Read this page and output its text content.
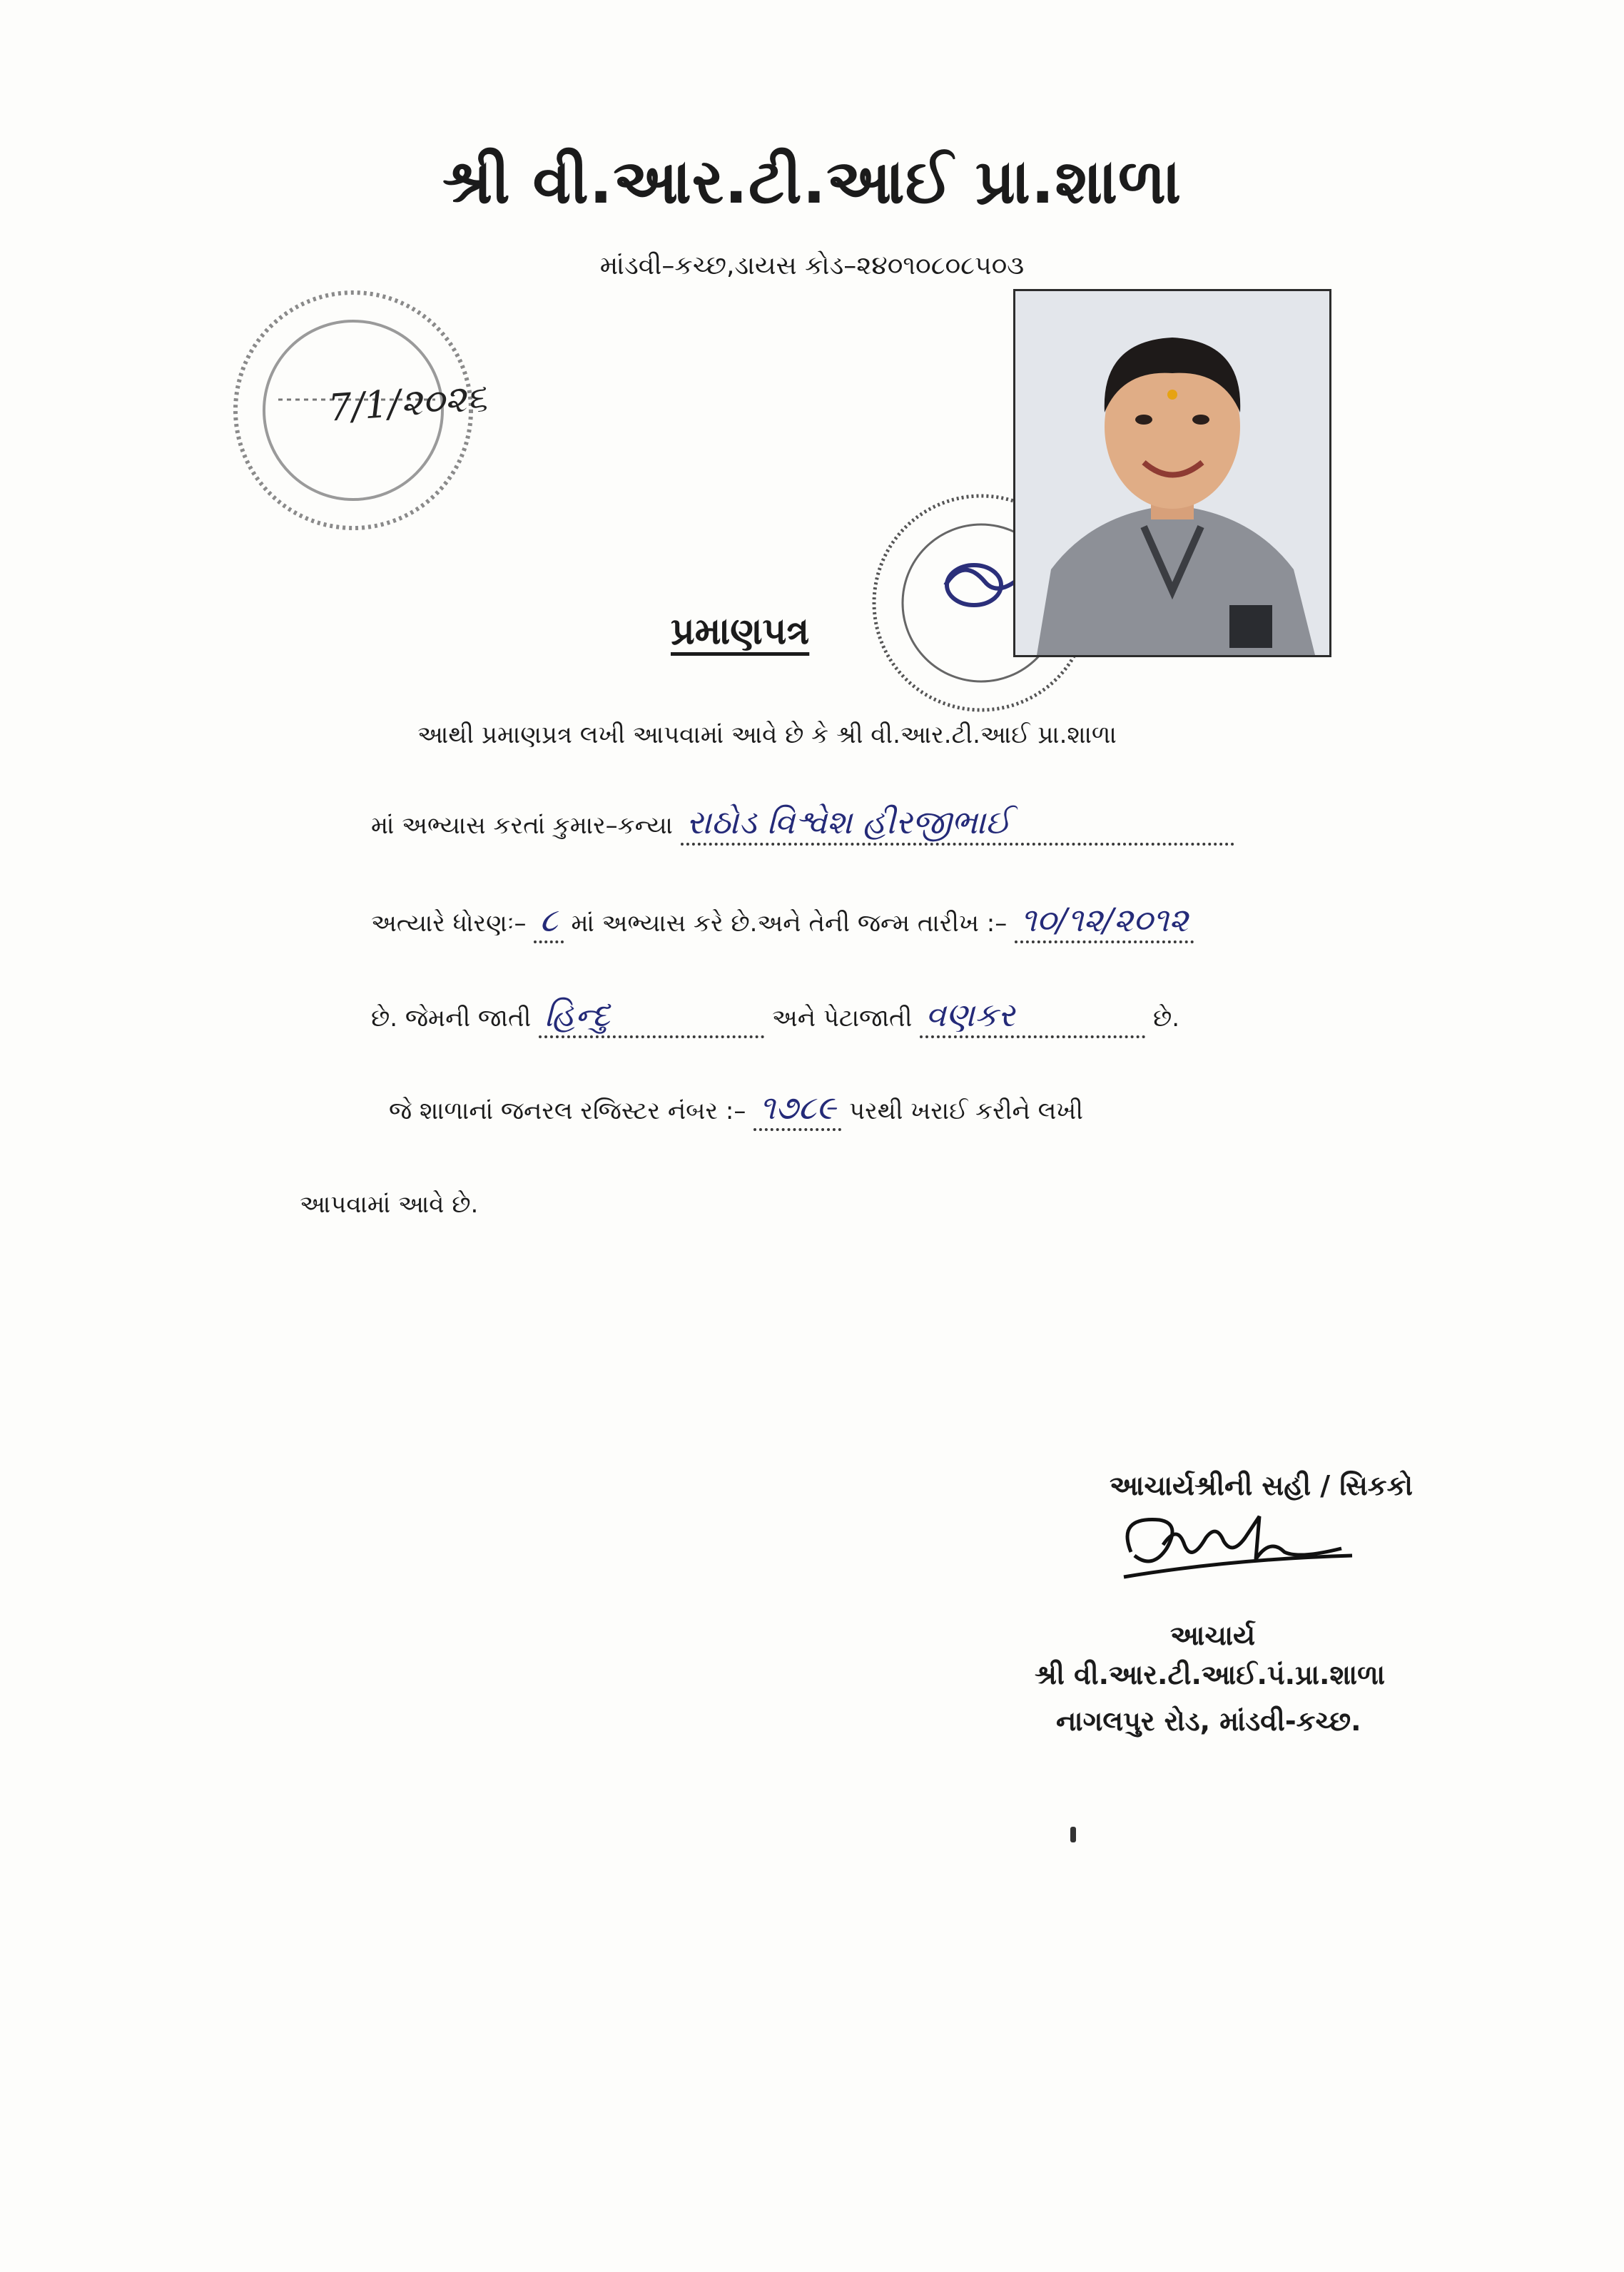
શ્રી વી.આર.ટી.આઈ પ્રા.શાળા
માંડવી–કચ્છ,ડાયસ કોડ–૨૪૦૧૦૮૦૮૫૦૩
7/1/૨૦૨૬
પ્રમાણપત્ર
આથી પ્રમાણપ્રત્ર લખી આપવામાં આવે છે કે શ્રી વી.આર.ટી.આઈ પ્રા.શાળા
માં અભ્યાસ કરતાં કુમાર–કન્યા રાઠોડ વિશ્વેશ હીરજીભાઈ
અત્યારે ધોરણઃ– ૮ માં અભ્યાસ કરે છે.અને તેની જન્મ તારીખ :– ૧૦/૧૨/૨૦૧૨
છે. જેમની જાતી હિન્દુ	અને પેટાજાતી વણકર	છે.
જે શાળાનાં જનરલ રજિસ્ટર નંબર :– ૧૭૮૯ પરથી ખરાઈ કરીને લખી
આપવામાં આવે છે.
આચાર્યશ્રીની સહી / સિકકો
આચાર્ય
શ્રી વી.આર.ટી.આઈ.પં.પ્રા.શાળા
નાગલપુર રોડ, માંડવી-કચ્છ.
